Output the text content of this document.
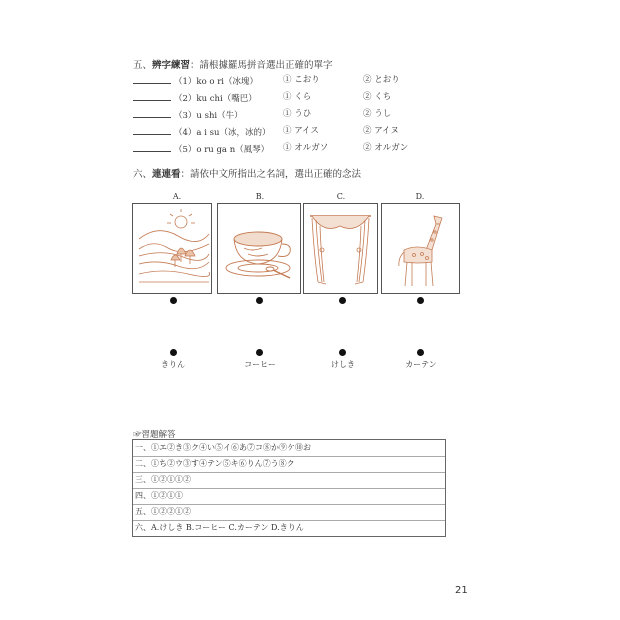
五、辨字練習：請根據羅馬拼音選出正確的單字
（1）ko o ri（冰塊）	① こおり	② とおり
（2）ku chi（嘴巴）	① くら	② くち
（3）u shi（牛）	① うひ	② うし
（4）a i su（冰，冰的） ① アイス	② アイヌ
（5）o ru ga n（風琴） ① オルガソ	② オルガン
六、連連看：請依中文所指出之名詞，選出正確的念法
A.	B.	C.	D.
きりん	コーヒー	けしき	カーテン
☞習題解答
一、①エ②き③ク④い⑤イ⑥あ⑦コ⑧か⑨ケ⑩お
二、①ち②ウ③す④テン⑤キ⑥りん⑦う⑧ク
三、①②①①②
四、①②①①
五、①②②①②
六、A.けしき B.コーヒー C.カーテン D.きりん
21
